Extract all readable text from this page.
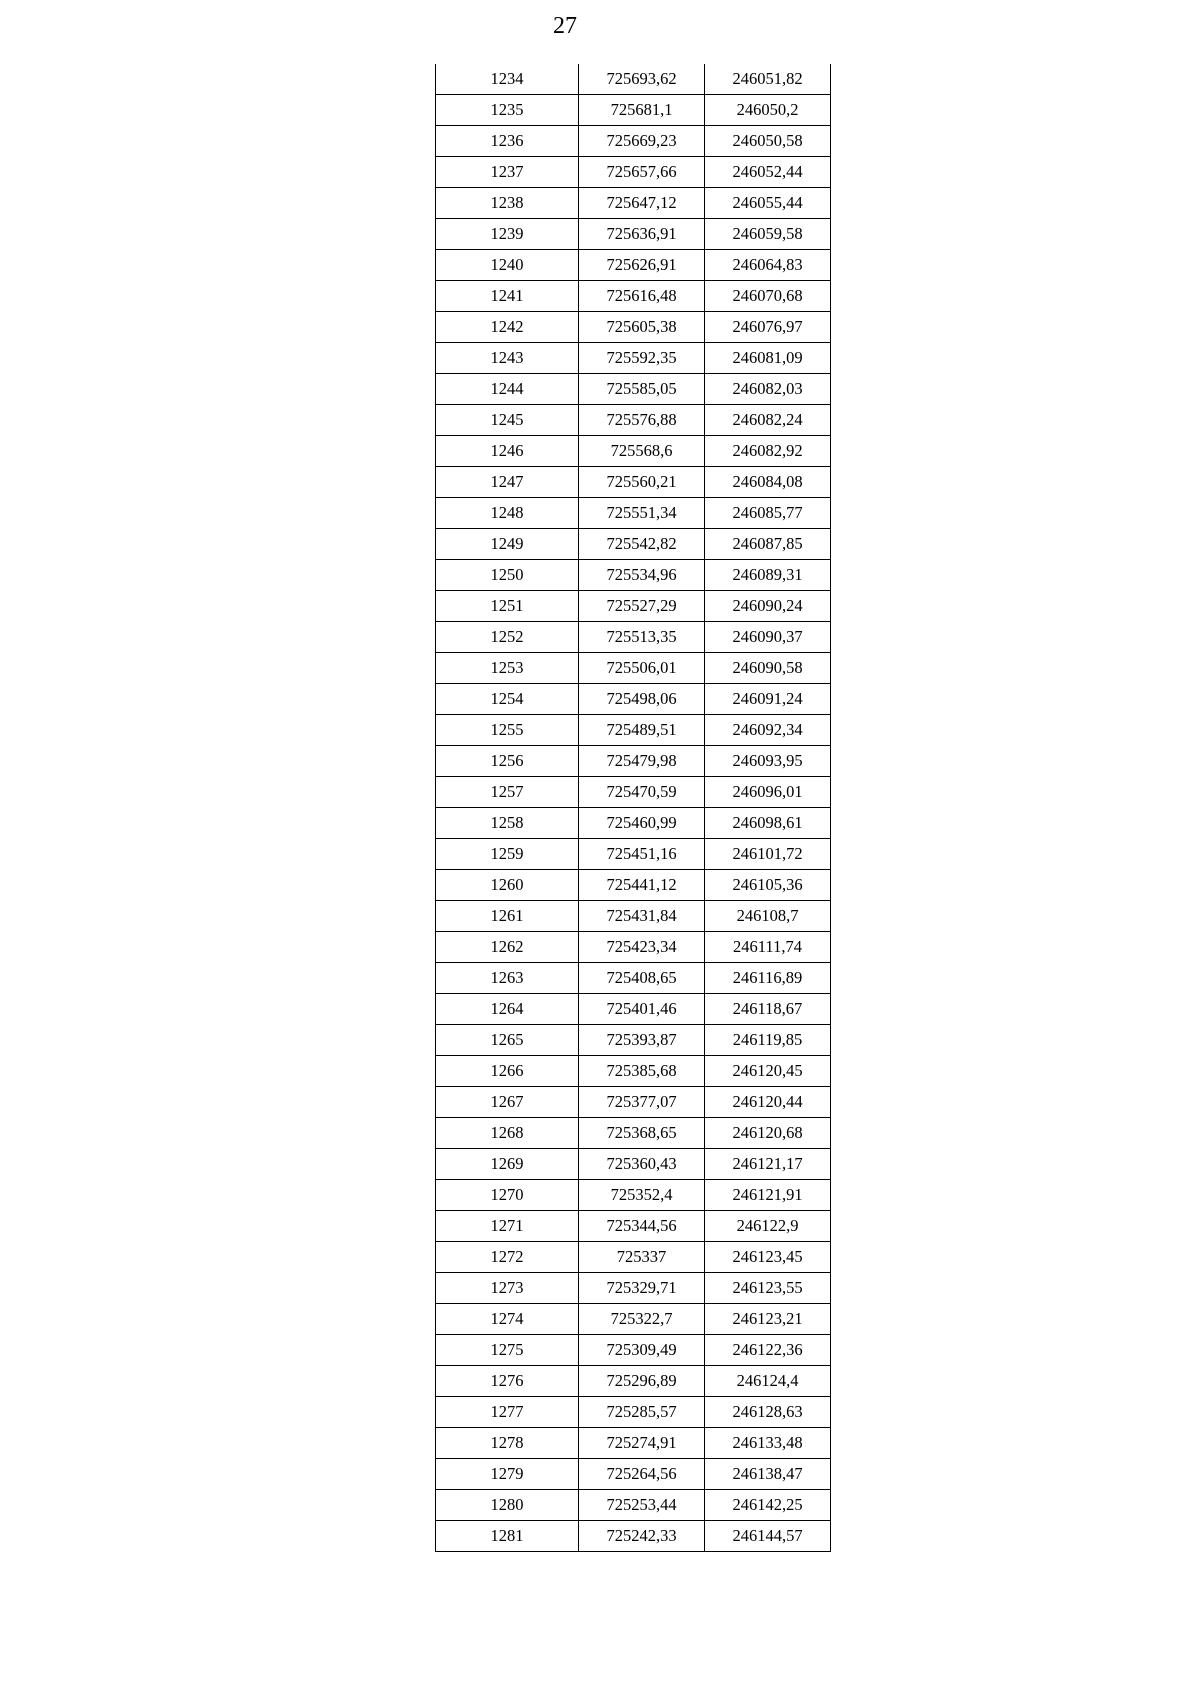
27
1234	725693,62	246051,82
1235	725681,1	246050,2
1236	725669,23	246050,58
1237	725657,66	246052,44
1238	725647,12	246055,44
1239	725636,91	246059,58
1240	725626,91	246064,83
1241	725616,48	246070,68
1242	725605,38	246076,97
1243	725592,35	246081,09
1244	725585,05	246082,03
1245	725576,88	246082,24
1246	725568,6	246082,92
1247	725560,21	246084,08
1248	725551,34	246085,77
1249	725542,82	246087,85
1250	725534,96	246089,31
1251	725527,29	246090,24
1252	725513,35	246090,37
1253	725506,01	246090,58
1254	725498,06	246091,24
1255	725489,51	246092,34
1256	725479,98	246093,95
1257	725470,59	246096,01
1258	725460,99	246098,61
1259	725451,16	246101,72
1260	725441,12	246105,36
1261	725431,84	246108,7
1262	725423,34	246111,74
1263	725408,65	246116,89
1264	725401,46	246118,67
1265	725393,87	246119,85
1266	725385,68	246120,45
1267	725377,07	246120,44
1268	725368,65	246120,68
1269	725360,43	246121,17
1270	725352,4	246121,91
1271	725344,56	246122,9
1272	725337	246123,45
1273	725329,71	246123,55
1274	725322,7	246123,21
1275	725309,49	246122,36
1276	725296,89	246124,4
1277	725285,57	246128,63
1278	725274,91	246133,48
1279	725264,56	246138,47
1280	725253,44	246142,25
1281	725242,33	246144,57
